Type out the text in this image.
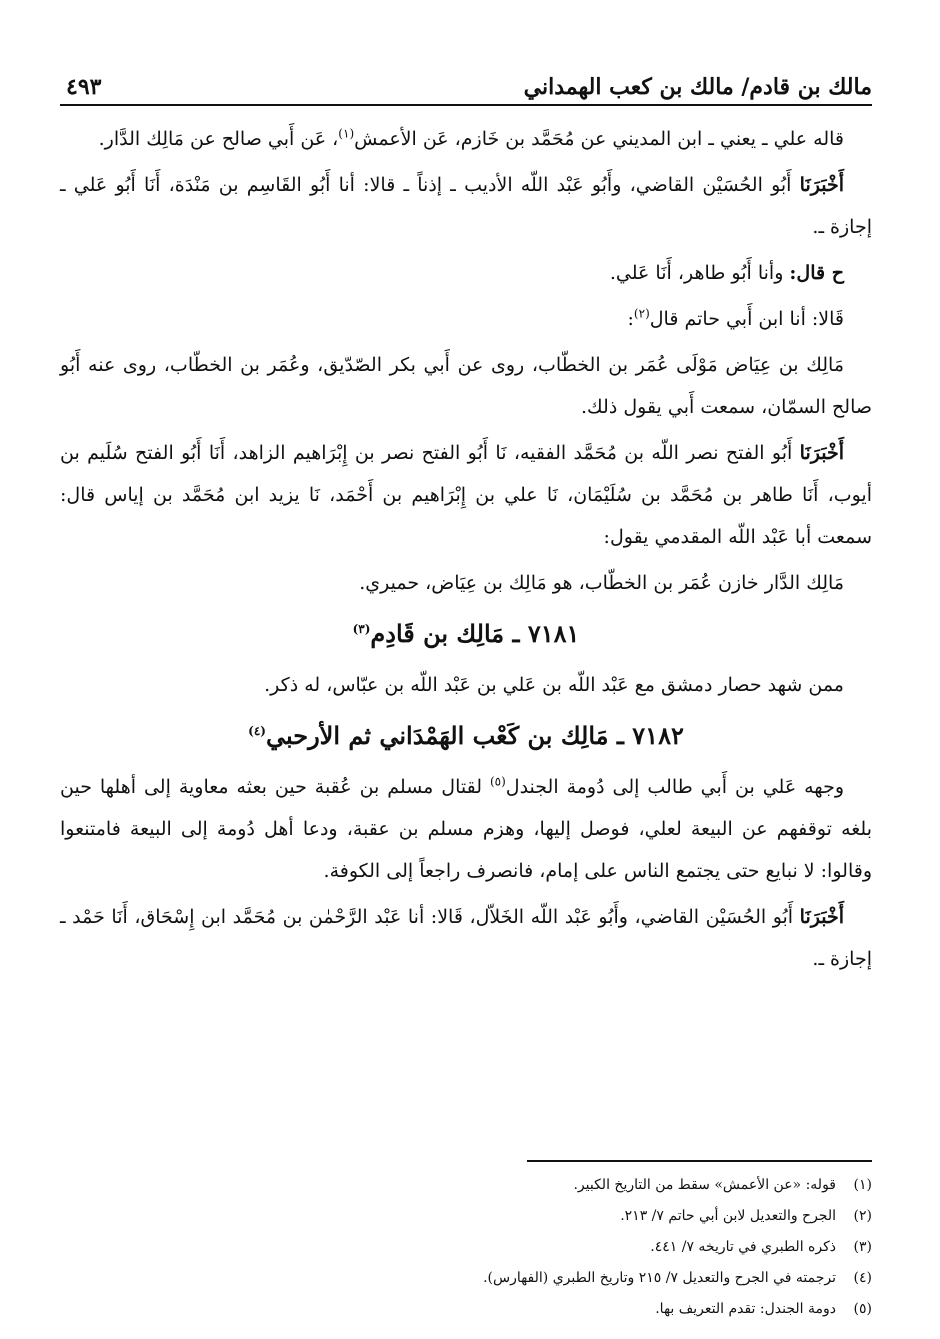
مالك بن قادم/ مالك بن كعب الهمداني
٤٩٣

قاله علي ـ يعني ـ ابن المديني عن مُحَمَّد بن خَازم، عَن الأعمش$^{(١)}$، عَن أَبي صالح عن مَالِك الدَّار.

أَخْبَرَنَا أَبُو الحُسَيْن القاضي، وأَبُو عَبْد اللّه الأديب ـ إذناً ـ قالا: أنا أَبُو القَاسِم بن مَنْدَة، أَنَا أَبُو عَلي ـ إجازة ـ.

ح قال: وأنا أَبُو طاهر، أَنَا عَلي.

قَالا: أنا ابن أَبي حاتم قال$^{(٢)}$:

مَالِك بن عِيَاض مَوْلَى عُمَر بن الخطّاب، روى عن أَبي بكر الصّدّيق، وعُمَر بن الخطّاب، روى عنه أَبُو صالح السمّان، سمعت أَبي يقول ذلك.

أَخْبَرَنَا أَبُو الفتح نصر اللّه بن مُحَمَّد الفقيه، نَا أَبُو الفتح نصر بن إِبْرَاهيم الزاهد، أَنَا أَبُو الفتح سُلَيم بن أيوب، أَنَا طاهر بن مُحَمَّد بن سُلَيْمَان، نَا علي بن إِبْرَاهيم بن أَحْمَد، نَا يزيد ابن مُحَمَّد بن إياس قال: سمعت أبا عَبْد اللّه المقدمي يقول:

مَالِك الدَّار خازن عُمَر بن الخطّاب، هو مَالِك بن عِيَاض، حميري.

٧١٨١ ـ مَالِك بن قَادِم$^{(٣)}$

ممن شهد حصار دمشق مع عَبْد اللّه بن عَلي بن عَبْد اللّه بن عبّاس، له ذكر.

٧١٨٢ ـ مَالِك بن كَعْب الهَمْدَاني ثم الأرحبي$^{(٤)}$

وجهه عَلي بن أَبي طالب إلى دُومة الجندل$^{(٥)}$ لقتال مسلم بن عُقبة حين بعثه معاوية إلى أهلها حين بلغه توقفهم عن البيعة لعلي، فوصل إليها، وهزم مسلم بن عقبة، ودعا أهل دُومة إلى البيعة فامتنعوا وقالوا: لا نبايع حتى يجتمع الناس على إمام، فانصرف راجعاً إلى الكوفة.

أَخْبَرَنَا أَبُو الحُسَيْن القاضي، وأَبُو عَبْد اللّه الخَلاّل، قَالا: أنا عَبْد الرَّحْمٰن بن مُحَمَّد ابن إِسْحَاق، أَنَا حَمْد ـ إجازة ـ.

(١)
قوله: «عن الأعمش» سقط من التاريخ الكبير.
(٢)
الجرح والتعديل لابن أبي حاتم ٧/ ٢١٣.
(٣)
ذكره الطبري في تاريخه ٧/ ٤٤١.
(٤)
ترجمته في الجرح والتعديل ٧/ ٢١٥ وتاريخ الطبري (الفهارس).
(٥)
دومة الجندل: تقدم التعريف بها.
